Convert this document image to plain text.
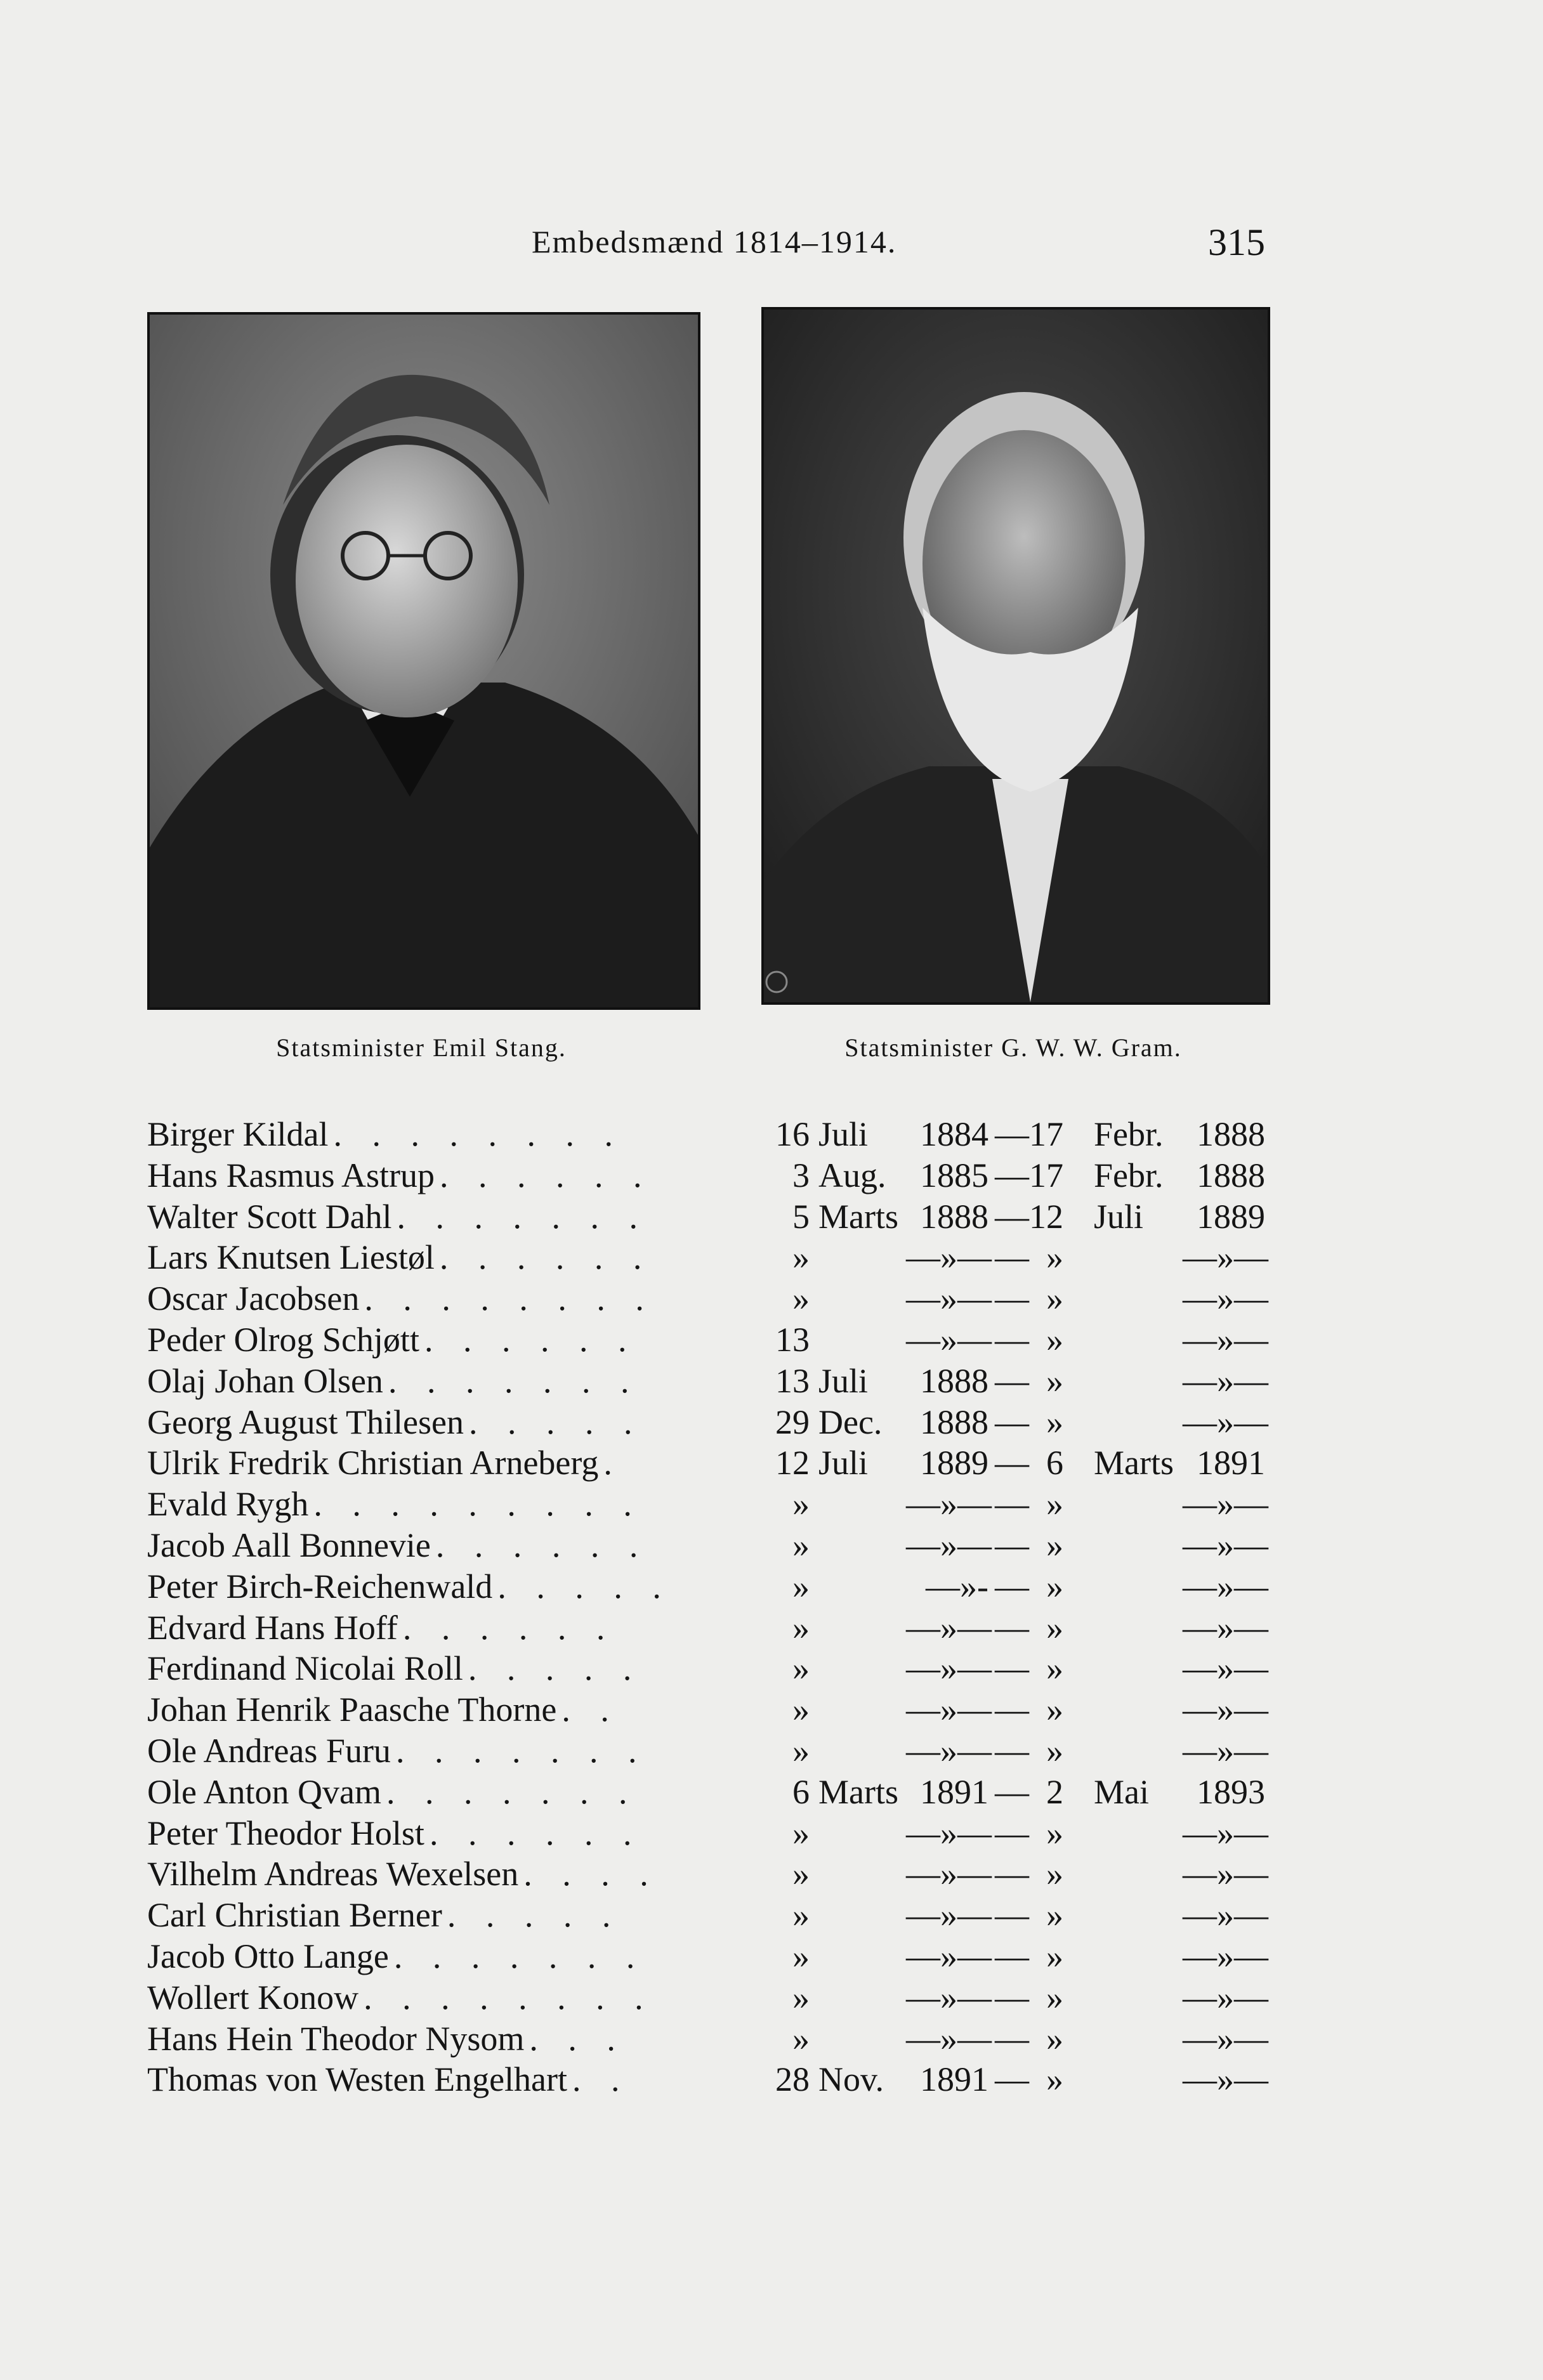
Embedsmænd 1814–1914.	315
Statsminister Emil Stang.	Statsminister G. W. W. Gram.
Birger Kildal . . . . . . . .	16 Juli	1884 — 17 Febr. 1888
Hans Rasmus Astrup . . . . . .	3 Aug. 1885 — 17 Febr. 1888
Walter Scott Dahl . . . . . . .	5 Marts 1888 — 12 Juli	1889
Lars Knutsen Liestøl . . . . . .	»	—»— — »	—»—
Oscar Jacobsen . . . . . . . .	»	—»— — »	—»—
Peder Olrog Schjøtt . . . . . .	13	—»— — »	—»—
Olaj Johan Olsen . . . . . . .	13 Juli	1888 — »	—»—
Georg August Thilesen . . . . .	29 Dec.	1888 — »	—»—
Ulrik Fredrik Christian Arneberg .	12 Juli	1889 — 6 Marts 1891
Evald Rygh . . . . . . . . .	»	—»— — »	—»—
Jacob Aall Bonnevie . . . . . .	»	—»— — »	—»—
Peter Birch-Reichenwald . . . . .	»	—»- — »	—»—
Edvard Hans Hoff . . . . . .	»	—»— — »	—»—
Ferdinand Nicolai Roll . . . . .	»	—»— — »	—»—
Johan Henrik Paasche Thorne . .	»	—»— — »	—»—
Ole Andreas Furu . . . . . . .	»	—»— — »	—»—
Ole Anton Qvam . . . . . . .	6 Marts 1891 — 2 Mai	1893
Peter Theodor Holst . . . . . .	»	—»— — »	—»—
Vilhelm Andreas Wexelsen . . . .	»	—»— — »	—»—
Carl Christian Berner . . . . .	»	—»— — »	—»—
Jacob Otto Lange . . . . . . .	»	—»— — »	—»—
Wollert Konow . . . . . . . .	»	—»— — »	—»—
Hans Hein Theodor Nysom . . .	»	—»— — »	—»—
Thomas von Westen Engelhart . .	28 Nov.	1891 — »	—»—
